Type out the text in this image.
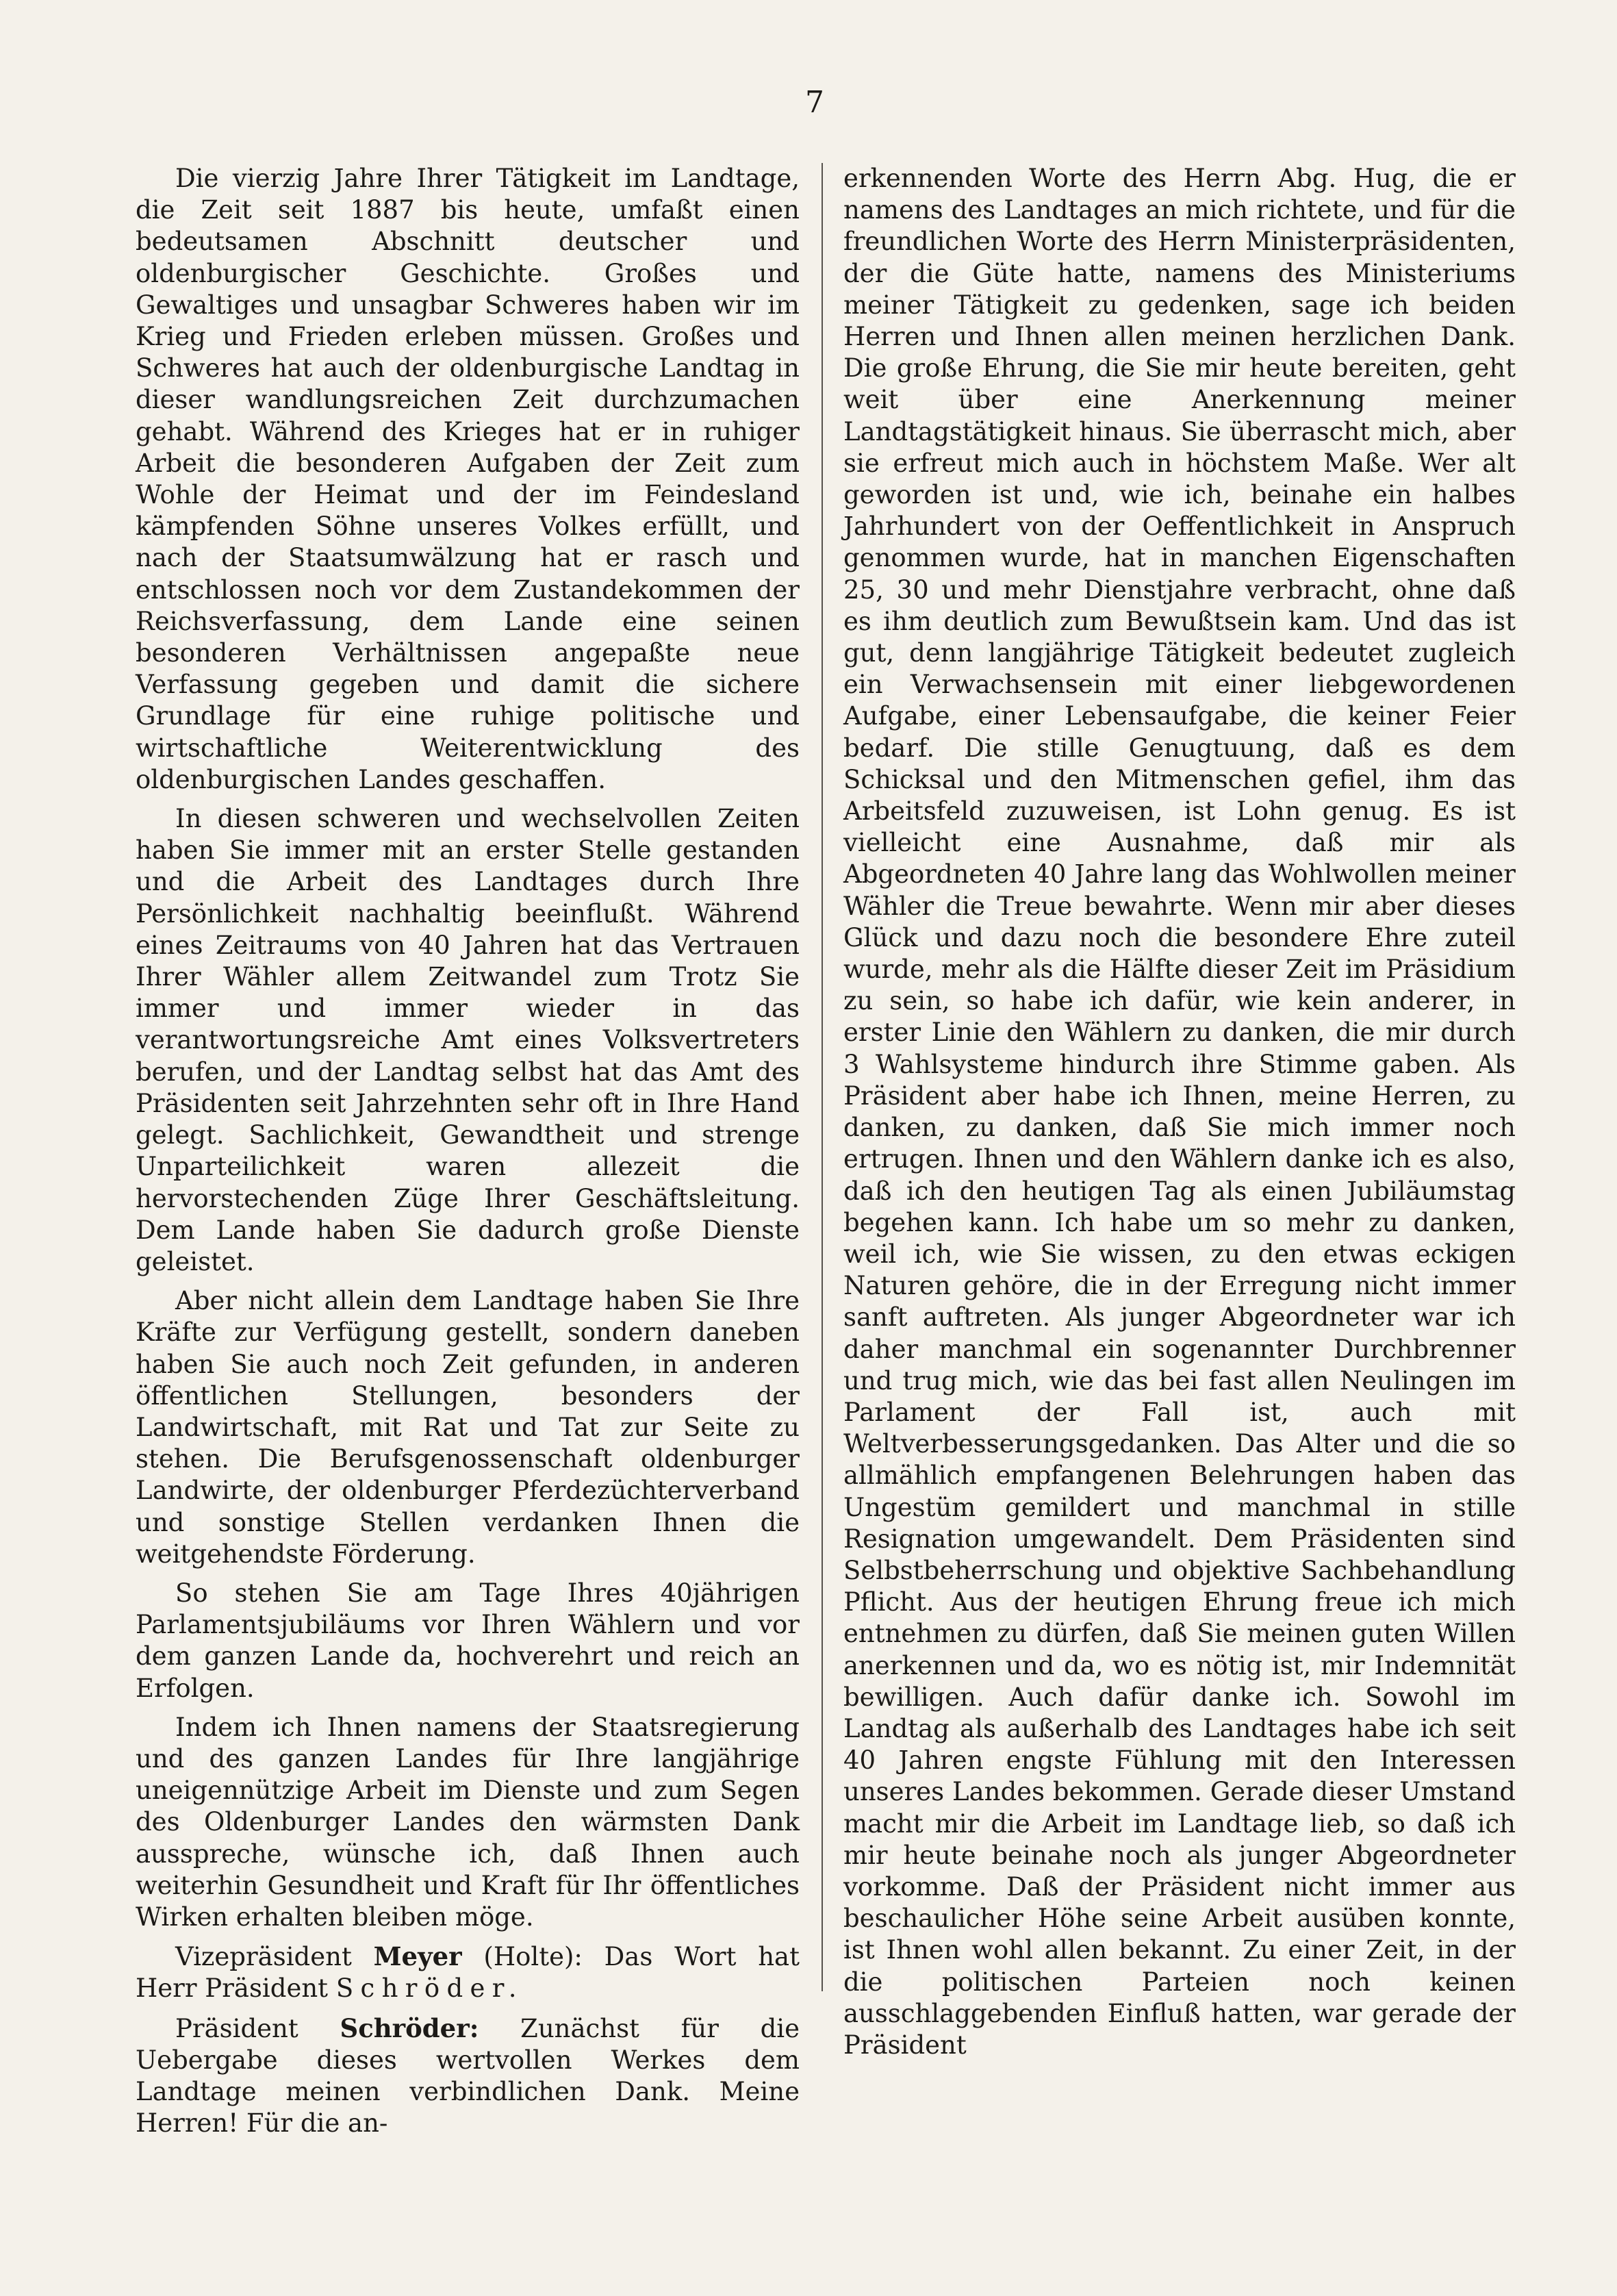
7

Die vierzig Jahre Ihrer Tätigkeit im Landtage, die Zeit seit 1887 bis heute, umfaßt einen bedeutsamen Abschnitt deutscher und oldenburgischer Geschichte. Großes und Gewaltiges und unsagbar Schweres haben wir im Krieg und Frieden erleben müssen. Großes und Schweres hat auch der oldenburgische Landtag in dieser wandlungsreichen Zeit durchzumachen gehabt. Während des Krieges hat er in ruhiger Arbeit die besonderen Aufgaben der Zeit zum Wohle der Heimat und der im Feindesland kämpfenden Söhne unseres Volkes erfüllt, und nach der Staatsumwälzung hat er rasch und entschlossen noch vor dem Zustandekommen der Reichsverfassung, dem Lande eine seinen besonderen Verhältnissen angepaßte neue Verfassung gegeben und damit die sichere Grundlage für eine ruhige politische und wirtschaftliche Weiterentwicklung des oldenburgischen Landes geschaffen.

In diesen schweren und wechselvollen Zeiten haben Sie immer mit an erster Stelle gestanden und die Arbeit des Landtages durch Ihre Persönlichkeit nachhaltig beeinflußt. Während eines Zeitraums von 40 Jahren hat das Vertrauen Ihrer Wähler allem Zeitwandel zum Trotz Sie immer und immer wieder in das verantwortungsreiche Amt eines Volksvertreters berufen, und der Landtag selbst hat das Amt des Präsidenten seit Jahrzehnten sehr oft in Ihre Hand gelegt. Sachlichkeit, Gewandtheit und strenge Unparteilichkeit waren allezeit die hervorstechenden Züge Ihrer Geschäftsleitung. Dem Lande haben Sie dadurch große Dienste geleistet.

Aber nicht allein dem Landtage haben Sie Ihre Kräfte zur Verfügung gestellt, sondern daneben haben Sie auch noch Zeit gefunden, in anderen öffentlichen Stellungen, besonders der Landwirtschaft, mit Rat und Tat zur Seite zu stehen. Die Berufsgenossenschaft oldenburger Landwirte, der oldenburger Pferdezüchterverband und sonstige Stellen verdanken Ihnen die weitgehendste Förderung.

So stehen Sie am Tage Ihres 40jährigen Parlamentsjubiläums vor Ihren Wählern und vor dem ganzen Lande da, hochverehrt und reich an Erfolgen.

Indem ich Ihnen namens der Staatsregierung und des ganzen Landes für Ihre langjährige uneigennützige Arbeit im Dienste und zum Segen des Oldenburger Landes den wärmsten Dank ausspreche, wünsche ich, daß Ihnen auch weiterhin Gesundheit und Kraft für Ihr öffentliches Wirken erhalten bleiben möge.

Vizepräsident Meyer (Holte): Das Wort hat Herr Präsident Schröder.

Präsident Schröder: Zunächst für die Uebergabe dieses wertvollen Werkes dem Landtage meinen verbindlichen Dank. Meine Herren! Für die an-

erkennenden Worte des Herrn Abg. Hug, die er namens des Landtages an mich richtete, und für die freundlichen Worte des Herrn Ministerpräsidenten, der die Güte hatte, namens des Ministeriums meiner Tätigkeit zu gedenken, sage ich beiden Herren und Ihnen allen meinen herzlichen Dank. Die große Ehrung, die Sie mir heute bereiten, geht weit über eine Anerkennung meiner Landtagstätigkeit hinaus. Sie überrascht mich, aber sie erfreut mich auch in höchstem Maße. Wer alt geworden ist und, wie ich, beinahe ein halbes Jahrhundert von der Oeffentlichkeit in Anspruch genommen wurde, hat in manchen Eigenschaften 25, 30 und mehr Dienstjahre verbracht, ohne daß es ihm deutlich zum Bewußtsein kam. Und das ist gut, denn langjährige Tätigkeit bedeutet zugleich ein Verwachsensein mit einer liebgewordenen Aufgabe, einer Lebensaufgabe, die keiner Feier bedarf. Die stille Genugtuung, daß es dem Schicksal und den Mitmenschen gefiel, ihm das Arbeitsfeld zuzuweisen, ist Lohn genug. Es ist vielleicht eine Ausnahme, daß mir als Abgeordneten 40 Jahre lang das Wohlwollen meiner Wähler die Treue bewahrte. Wenn mir aber dieses Glück und dazu noch die besondere Ehre zuteil wurde, mehr als die Hälfte dieser Zeit im Präsidium zu sein, so habe ich dafür, wie kein anderer, in erster Linie den Wählern zu danken, die mir durch 3 Wahlsysteme hindurch ihre Stimme gaben. Als Präsident aber habe ich Ihnen, meine Herren, zu danken, zu danken, daß Sie mich immer noch ertrugen. Ihnen und den Wählern danke ich es also, daß ich den heutigen Tag als einen Jubiläumstag begehen kann. Ich habe um so mehr zu danken, weil ich, wie Sie wissen, zu den etwas eckigen Naturen gehöre, die in der Erregung nicht immer sanft auftreten. Als junger Abgeordneter war ich daher manchmal ein sogenannter Durchbrenner und trug mich, wie das bei fast allen Neulingen im Parlament der Fall ist, auch mit Weltverbesserungsgedanken. Das Alter und die so allmählich empfangenen Belehrungen haben das Ungestüm gemildert und manchmal in stille Resignation umgewandelt. Dem Präsidenten sind Selbstbeherrschung und objektive Sachbehandlung Pflicht. Aus der heutigen Ehrung freue ich mich entnehmen zu dürfen, daß Sie meinen guten Willen anerkennen und da, wo es nötig ist, mir Indemnität bewilligen. Auch dafür danke ich. Sowohl im Landtag als außerhalb des Landtages habe ich seit 40 Jahren engste Fühlung mit den Interessen unseres Landes bekommen. Gerade dieser Umstand macht mir die Arbeit im Landtage lieb, so daß ich mir heute beinahe noch als junger Abgeordneter vorkomme. Daß der Präsident nicht immer aus beschaulicher Höhe seine Arbeit ausüben konnte, ist Ihnen wohl allen bekannt. Zu einer Zeit, in der die politischen Parteien noch keinen ausschlaggebenden Einfluß hatten, war gerade der Präsident
